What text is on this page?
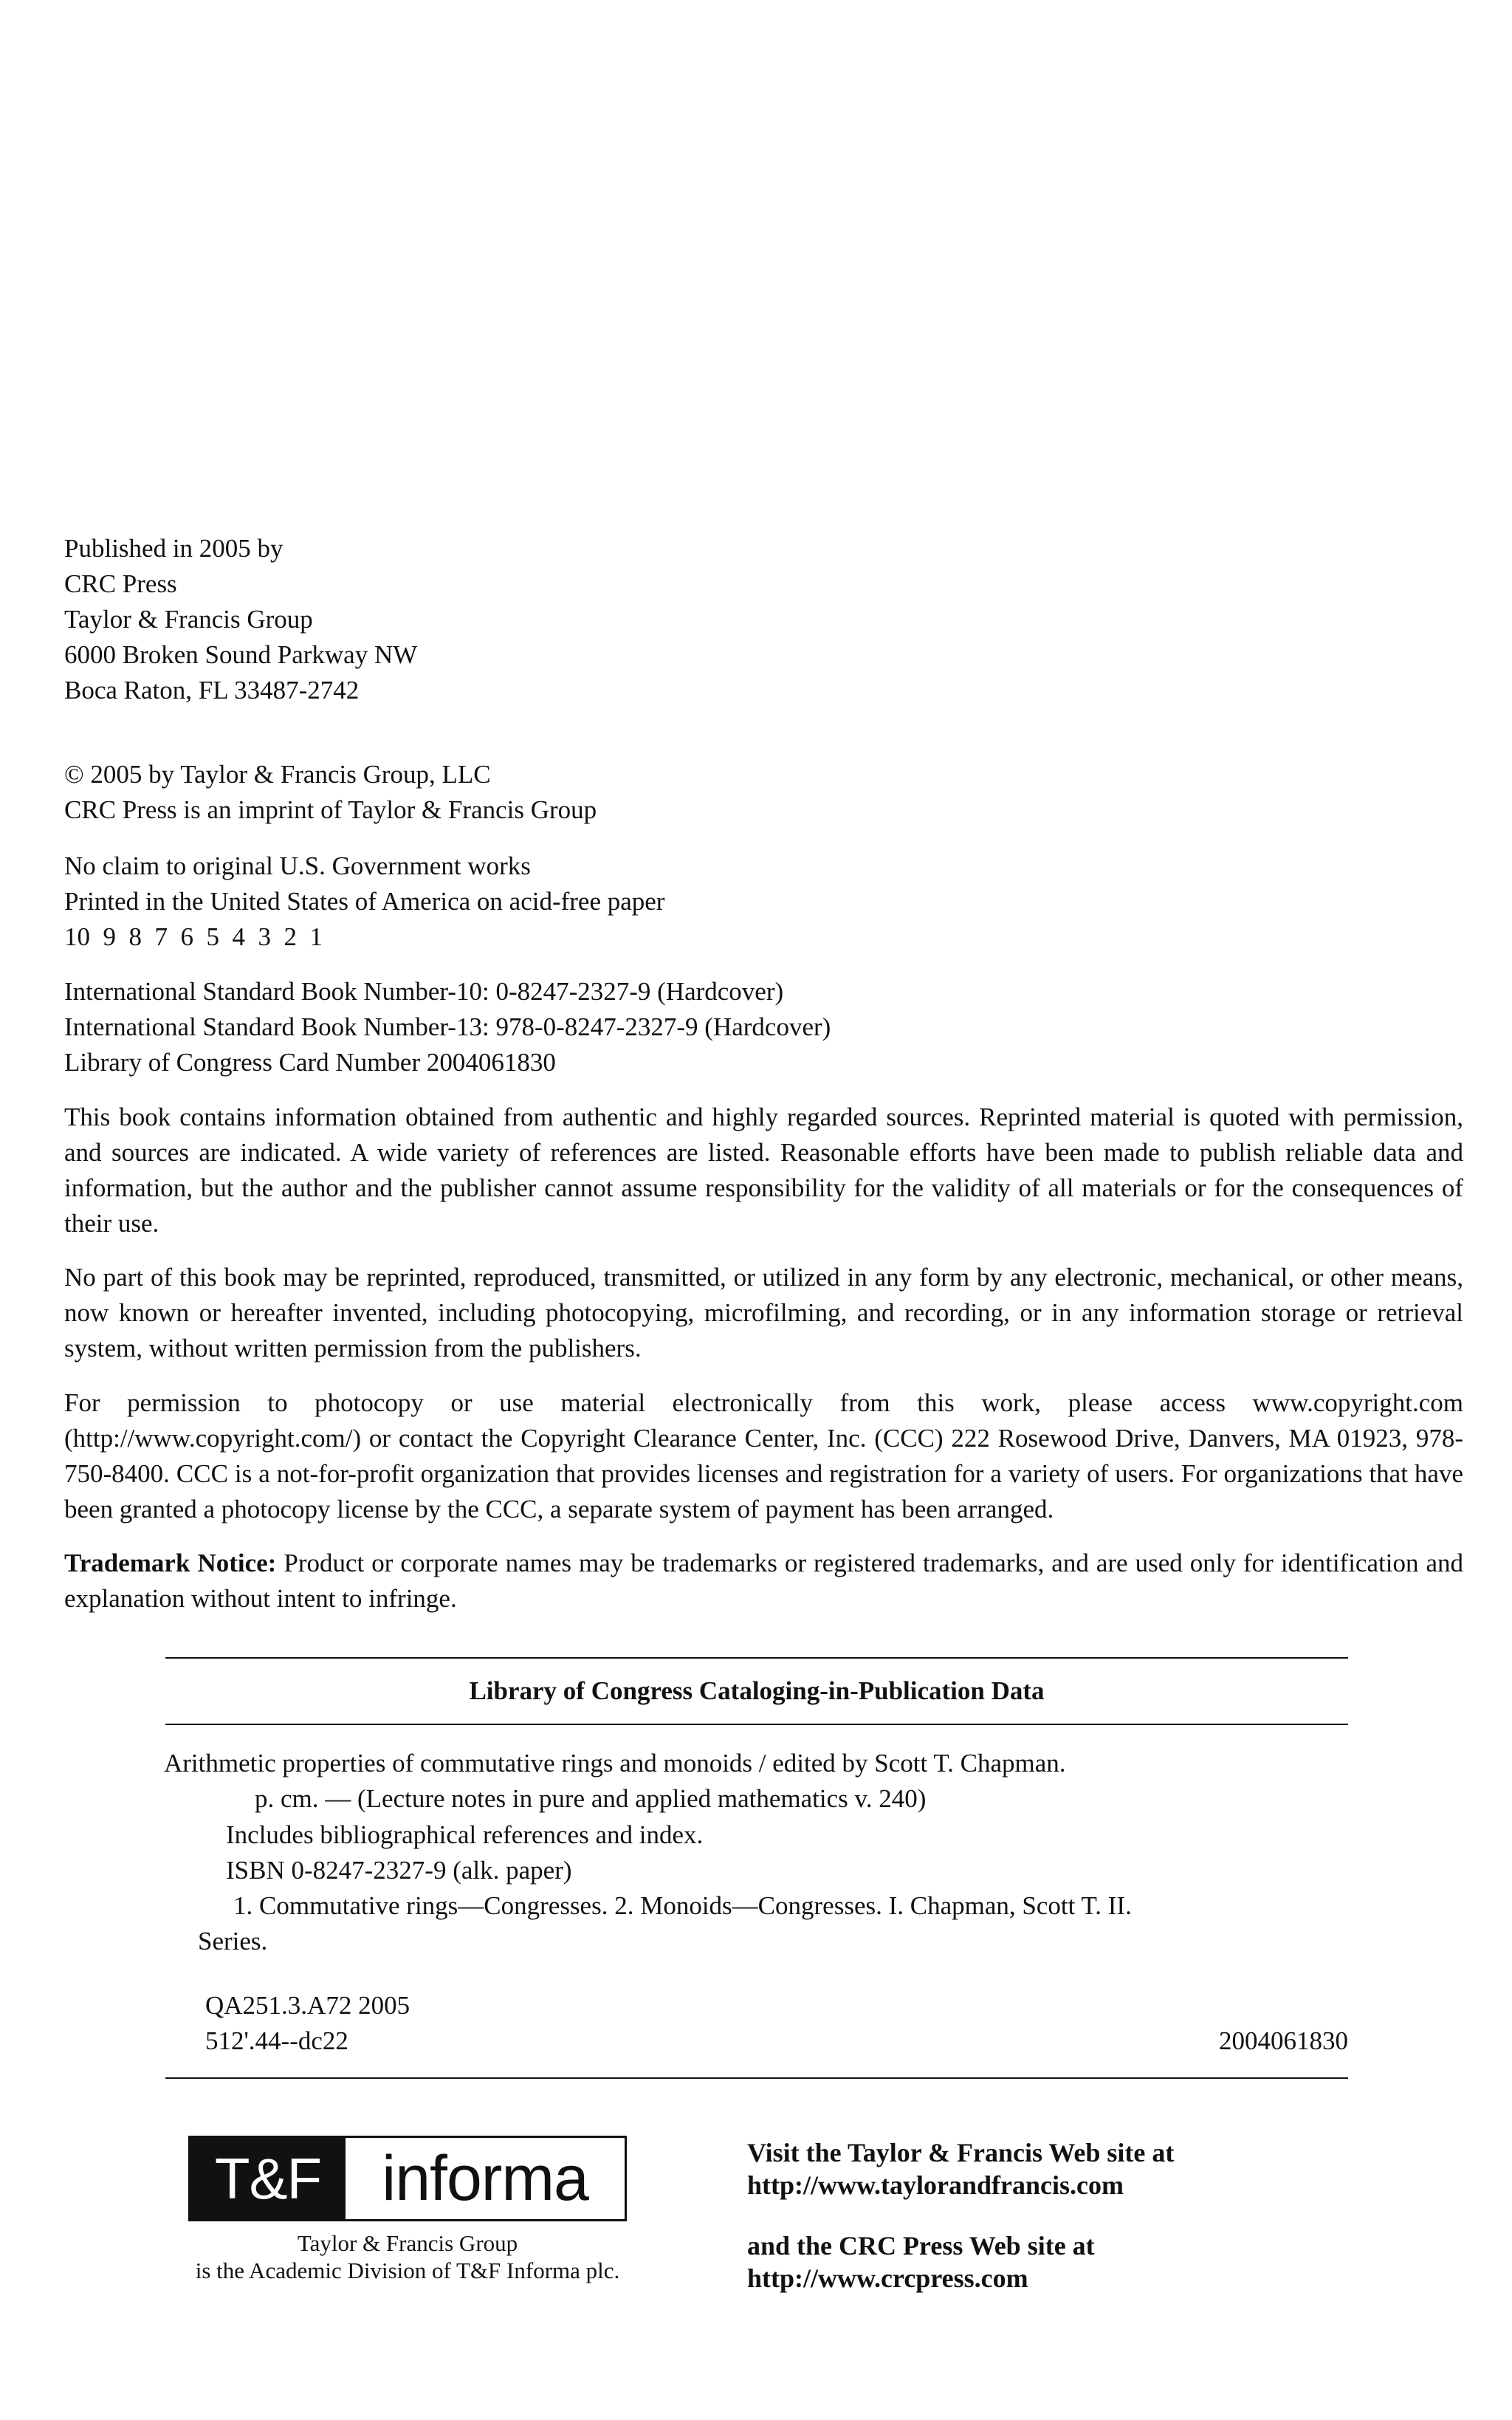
Published in 2005 by
CRC Press
Taylor & Francis Group
6000 Broken Sound Parkway NW
Boca Raton, FL 33487-2742
© 2005 by Taylor & Francis Group, LLC
CRC Press is an imprint of Taylor & Francis Group
No claim to original U.S. Government works
Printed in the United States of America on acid-free paper
10  9  8  7  6  5  4  3  2  1
International Standard Book Number-10: 0-8247-2327-9 (Hardcover)
International Standard Book Number-13: 978-0-8247-2327-9 (Hardcover)
Library of Congress Card Number 2004061830
This book contains information obtained from authentic and highly regarded sources. Reprinted material is quoted with permission, and sources are indicated. A wide variety of references are listed. Reasonable efforts have been made to publish reliable data and information, but the author and the publisher cannot assume responsibility for the validity of all materials or for the consequences of their use.
No part of this book may be reprinted, reproduced, transmitted, or utilized in any form by any electronic, mechanical, or other means, now known or hereafter invented, including photocopying, microfilming, and recording, or in any information storage or retrieval system, without written permission from the publishers.
For permission to photocopy or use material electronically from this work, please access www.copyright.com (http://www.copyright.com/) or contact the Copyright Clearance Center, Inc. (CCC) 222 Rosewood Drive, Danvers, MA 01923, 978-750-8400. CCC is a not-for-profit organization that provides licenses and registration for a variety of users. For organizations that have been granted a photocopy license by the CCC, a separate system of payment has been arranged.
Trademark Notice: Product or corporate names may be trademarks or registered trademarks, and are used only for identification and explanation without intent to infringe.
Library of Congress Cataloging-in-Publication Data
Arithmetic properties of commutative rings and monoids / edited by Scott T. Chapman.
p. cm. — (Lecture notes in pure and applied mathematics v. 240)
Includes bibliographical references and index.
ISBN 0-8247-2327-9 (alk. paper)
1. Commutative rings—Congresses. 2. Monoids—Congresses. I. Chapman, Scott T. II.
Series.
QA251.3.A72 2005
512'.44--dc22	2004061830
T&F informa
Taylor & Francis Group
is the Academic Division of T&F Informa plc.
Visit the Taylor & Francis Web site at
http://www.taylorandfrancis.com
and the CRC Press Web site at
http://www.crcpress.com
